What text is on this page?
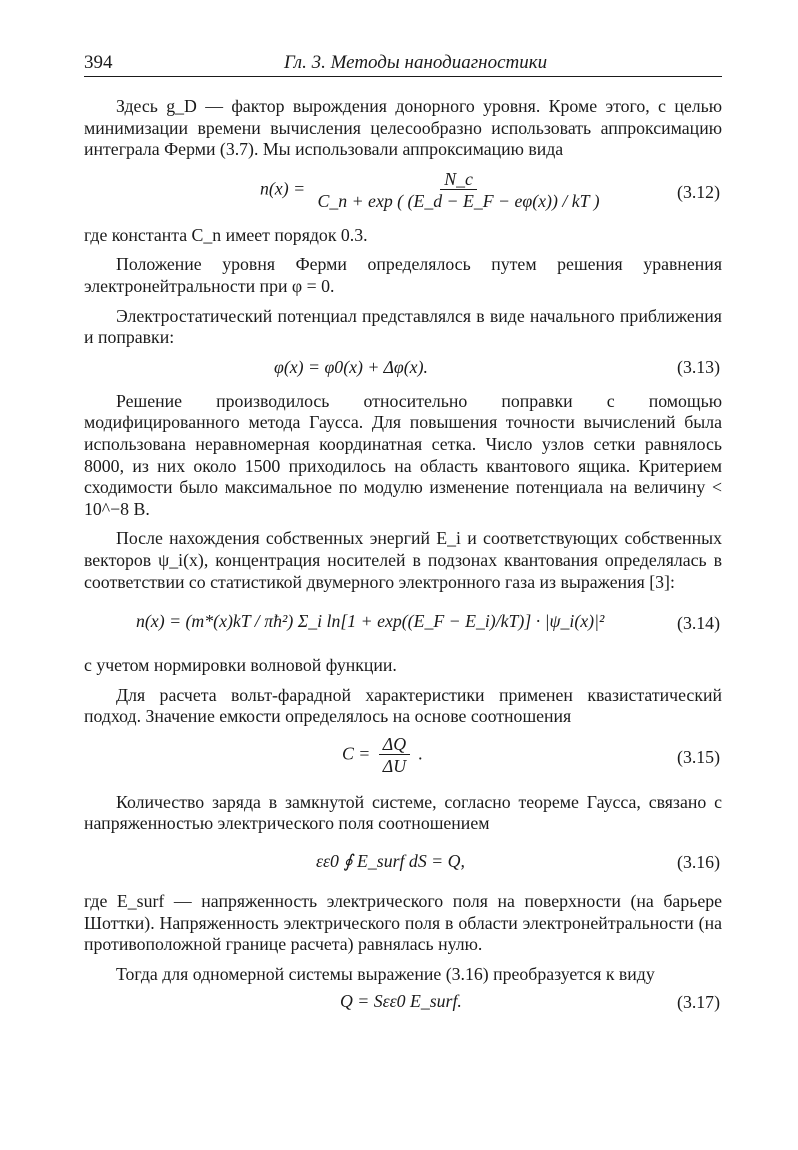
394	Гл. 3. Методы нанодиагностики

Здесь g_D — фактор вырождения донорного уровня. Кроме этого, с целью минимизации времени вычисления целесообразно использовать аппроксимацию интеграла Ферми (3.7). Мы использовали аппроксимацию вида

$n(x) = \frac{N\_c}{C\_n + \exp ( (E\_d - E\_F - e\varphi(x)) / kT )}$	(3.12)

где константа C_n имеет порядок 0.3.

Положение уровня Ферми определялось путем решения уравнения электронейтральности при φ = 0.

Электростатический потенциал представлялся в виде начального приближения и поправки:

φ(x) = φ0(x) + Δφ(x).	(3.13)

Решение производилось относительно поправки с помощью модифицированного метода Гаусса. Для повышения точности вычислений была использована неравномерная координатная сетка. Число узлов сетки равнялось 8000, из них около 1500 приходилось на область квантового ящика. Критерием сходимости было максимальное по модулю изменение потенциала на величину < 10^−8 В.

После нахождения собственных энергий E_i и соответствующих собственных векторов ψ_i(x), концентрация носителей в подзонах квантования определялась в соответствии со статистикой двумерного электронного газа из выражения [3]:

n(x) = (m*(x)kT / πħ²) Σ_i ln[1 + exp((E_F − E_i)/kT)] · |ψ_i(x)|²	(3.14)

с учетом нормировки волновой функции.

Для расчета вольт-фарадной характеристики применен квазистатический подход. Значение емкости определялось на основе соотношения

$C = \frac{\Delta Q}{\Delta U}$ .	(3.15)

Количество заряда в замкнутой системе, согласно теореме Гаусса, связано с напряженностью электрического поля соотношением

εε0 ∮ E_surf dS = Q,	(3.16)

где E_surf — напряженность электрического поля на поверхности (на барьере Шоттки). Напряженность электрического поля в области электронейтральности (на противоположной границе расчета) равнялась нулю.

Тогда для одномерной системы выражение (3.16) преобразуется к виду

Q = Sεε0 E_surf.	(3.17)
